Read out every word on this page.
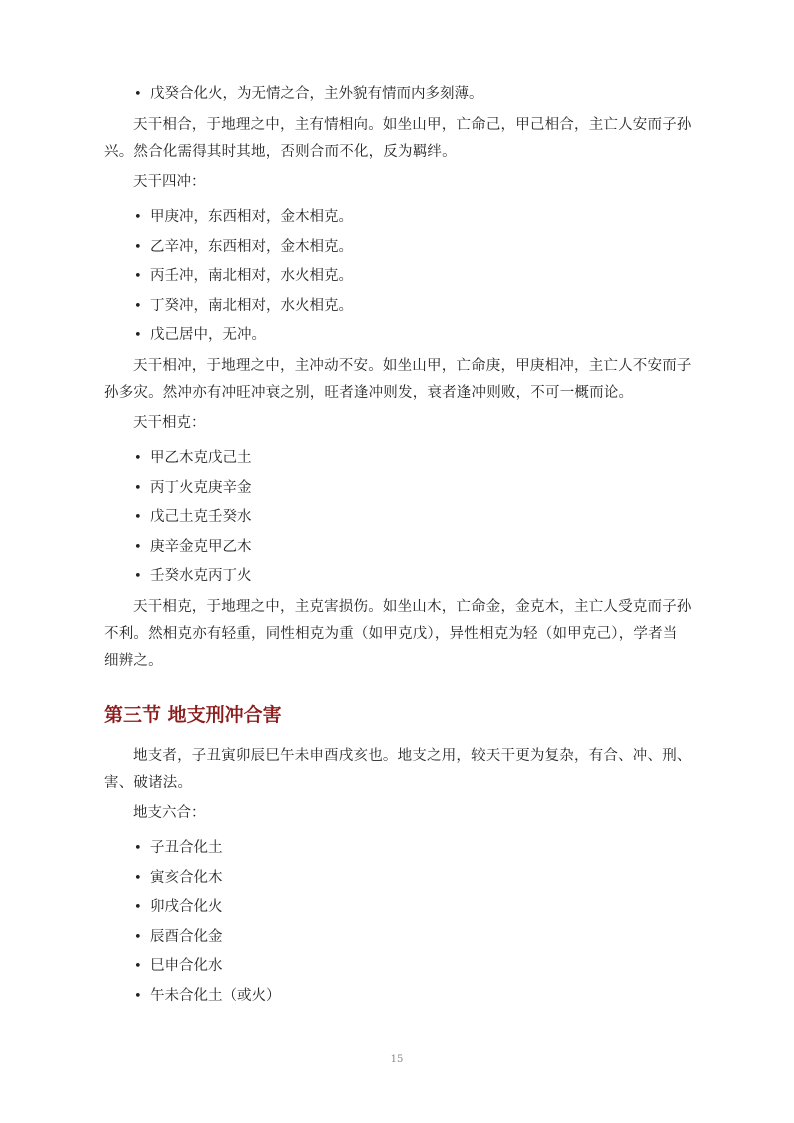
• 戊癸合化火，为无情之合，主外貌有情而内多刻薄。

天干相合，于地理之中，主有情相向。如坐山甲，亡命己，甲己相合，主亡人安而子孙兴。然合化需得其时其地，否则合而不化，反为羁绊。

天干四冲：
• 甲庚冲，东西相对，金木相克。
• 乙辛冲，东西相对，金木相克。
• 丙壬冲，南北相对，水火相克。
• 丁癸冲，南北相对，水火相克。
• 戊己居中，无冲。

天干相冲，于地理之中，主冲动不安。如坐山甲，亡命庚，甲庚相冲，主亡人不安而子孙多灾。然冲亦有冲旺冲衰之别，旺者逢冲则发，衰者逢冲则败，不可一概而论。

天干相克：
• 甲乙木克戊己土
• 丙丁火克庚辛金
• 戊己土克壬癸水
• 庚辛金克甲乙木
• 壬癸水克丙丁火

天干相克，于地理之中，主克害损伤。如坐山木，亡命金，金克木，主亡人受克而子孙不利。然相克亦有轻重，同性相克为重（如甲克戊），异性相克为轻（如甲克己），学者当细辨之。

第三节 地支刑冲合害

地支者，子丑寅卯辰巳午未申酉戌亥也。地支之用，较天干更为复杂，有合、冲、刑、害、破诸法。

地支六合：
• 子丑合化土
• 寅亥合化木
• 卯戌合化火
• 辰酉合化金
• 巳申合化水
• 午未合化土（或火）
15
